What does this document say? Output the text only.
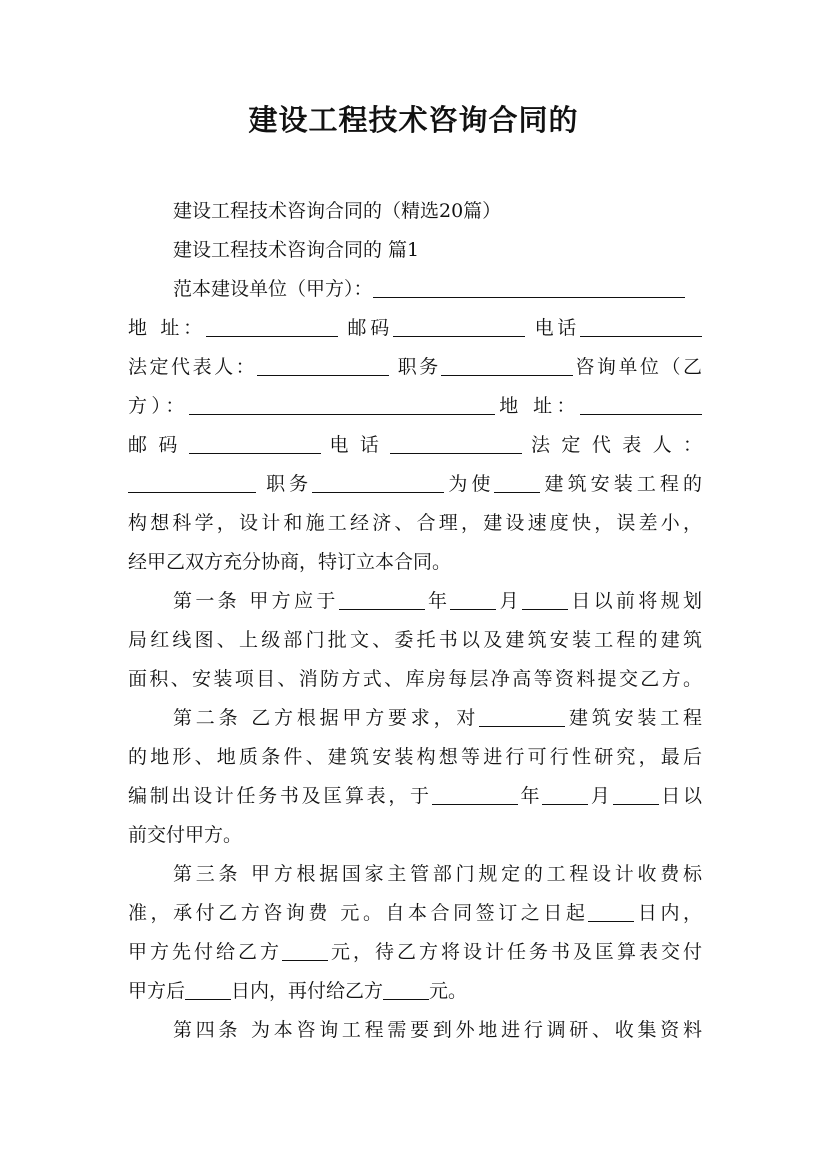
建设工程技术咨询合同的

建设工程技术咨询合同的（精选20篇）

建设工程技术咨询合同的 篇1

范本建设单位（甲方）：

地 址：	邮码	电话

法定代表人：	职务	咨询单位（乙

方）：	地 址：

邮 码	电 话	法 定 代 表 人 ：

职务	为使 建筑安装工程的

构想科学，设计和施工经济、合理，建设速度快，误差小，

经甲乙双方充分协商，特订立本合同。

第一条 甲方应于	年 月 日以前将规划

局红线图、上级部门批文、委托书以及建筑安装工程的建筑

面积、安装项目、消防方式、库房每层净高等资料提交乙方。

第二条 乙方根据甲方要求，对	建筑安装工程

的地形、地质条件、建筑安装构想等进行可行性研究，最后

编制出设计任务书及匡算表，于	年 月 日以

前交付甲方。

第三条 甲方根据国家主管部门规定的工程设计收费标

准，承付乙方咨询费 元。自本合同签订之日起 日内，

甲方先付给乙方 元，待乙方将设计任务书及匡算表交付

甲方后 日内，再付给乙方 元。

第四条 为本咨询工程需要到外地进行调研、收集资料
